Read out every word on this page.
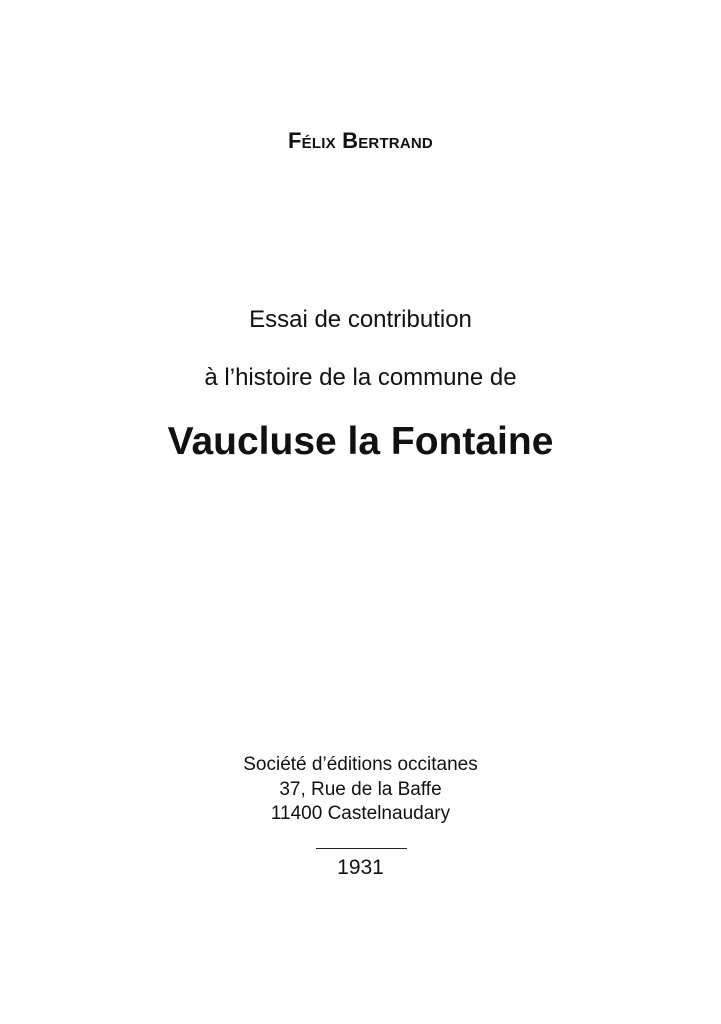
Félix Bertrand
Essai de contribution
à l’histoire de la commune de
Vaucluse la Fontaine
Société d’éditions occitanes
37, Rue de la Baffe
11400 Castelnaudary
1931
